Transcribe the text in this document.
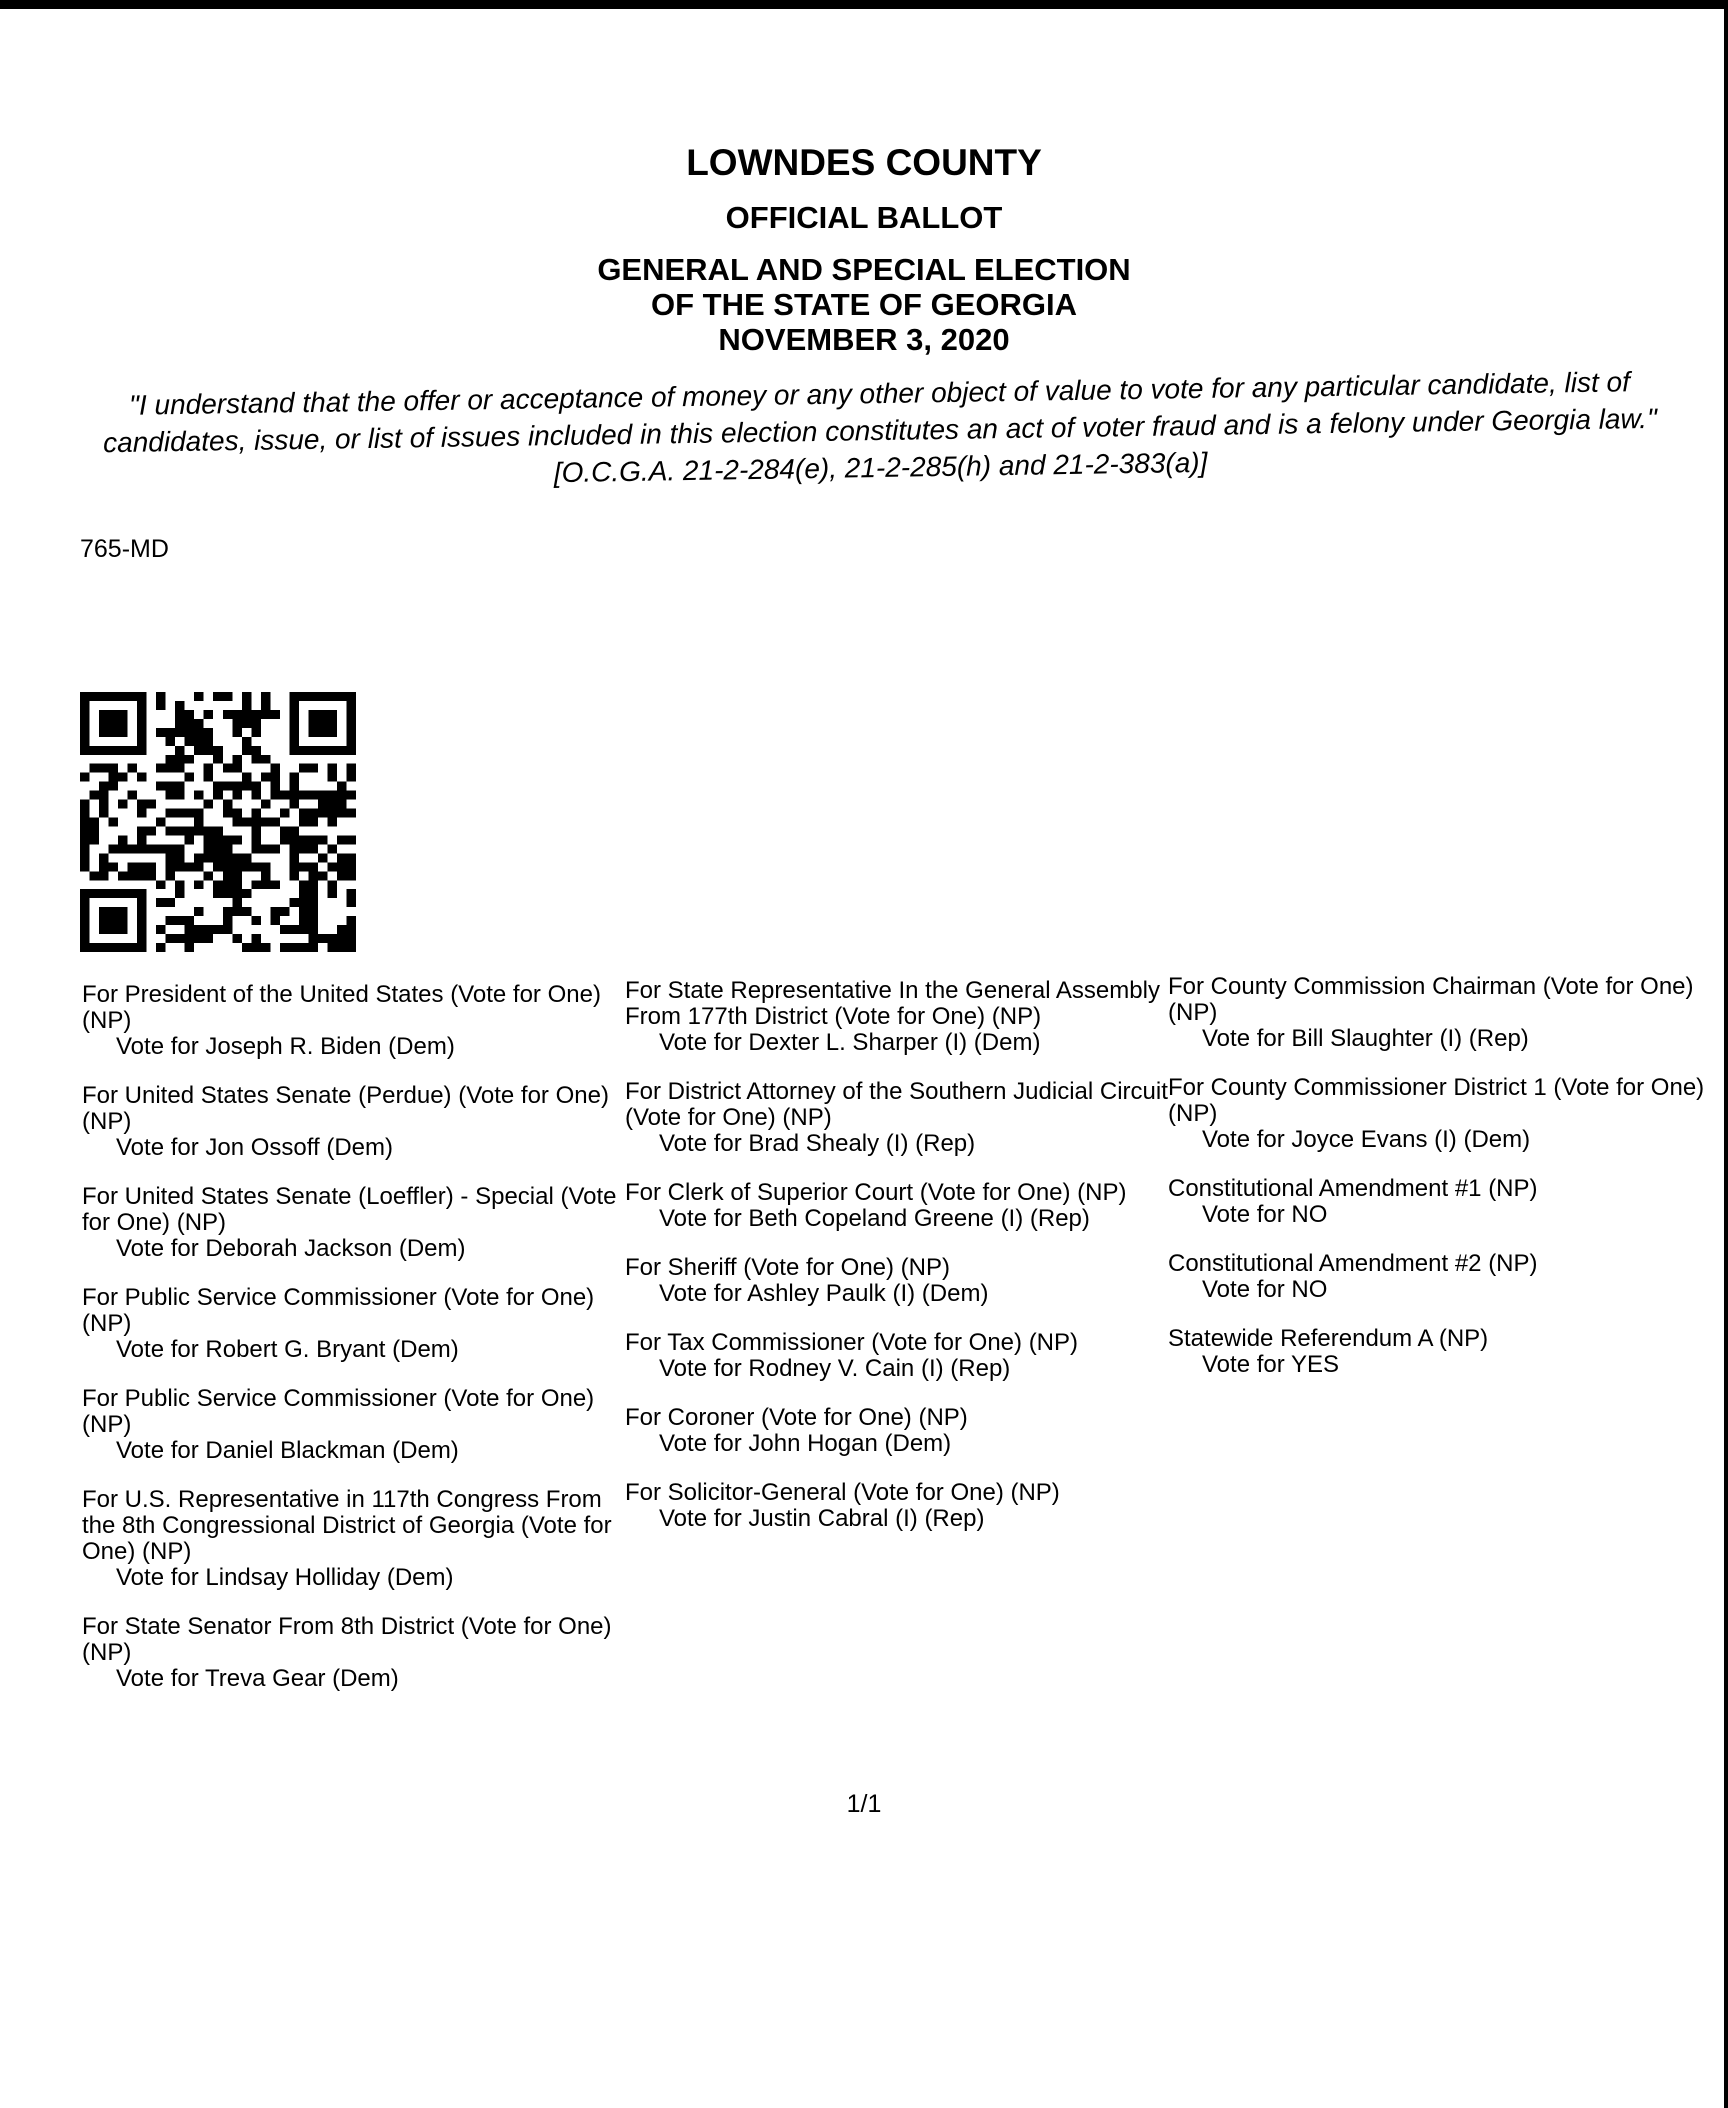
LOWNDES COUNTY
OFFICIAL BALLOT
GENERAL AND SPECIAL ELECTION
OF THE STATE OF GEORGIA
NOVEMBER 3, 2020
"I understand that the offer or acceptance of money or any other object of value to vote for any particular candidate, list of candidates, issue, or list of issues included in this election constitutes an act of voter fraud and is a felony under Georgia law." [O.C.G.A. 21-2-284(e), 21-2-285(h) and 21-2-383(a)]
765-MD
For President of the United States (Vote for One) (NP)
Vote for Joseph R. Biden (Dem)
For United States Senate (Perdue) (Vote for One) (NP)
Vote for Jon Ossoff (Dem)
For United States Senate (Loeffler) - Special (Vote for One) (NP)
Vote for Deborah Jackson (Dem)
For Public Service Commissioner (Vote for One) (NP)
Vote for Robert G. Bryant (Dem)
For Public Service Commissioner (Vote for One) (NP)
Vote for Daniel Blackman (Dem)
For U.S. Representative in 117th Congress From the 8th Congressional District of Georgia (Vote for One) (NP)
Vote for Lindsay Holliday (Dem)
For State Senator From 8th District (Vote for One) (NP)
Vote for Treva Gear (Dem)
For State Representative In the General Assembly From 177th District (Vote for One) (NP)
Vote for Dexter L. Sharper (I) (Dem)
For District Attorney of the Southern Judicial Circuit (Vote for One) (NP)
Vote for Brad Shealy (I) (Rep)
For Clerk of Superior Court (Vote for One) (NP)
Vote for Beth Copeland Greene (I) (Rep)
For Sheriff (Vote for One) (NP)
Vote for Ashley Paulk (I) (Dem)
For Tax Commissioner (Vote for One) (NP)
Vote for Rodney V. Cain (I) (Rep)
For Coroner (Vote for One) (NP)
Vote for John Hogan (Dem)
For Solicitor-General (Vote for One) (NP)
Vote for Justin Cabral (I) (Rep)
For County Commission Chairman (Vote for One) (NP)
Vote for Bill Slaughter (I) (Rep)
For County Commissioner District 1 (Vote for One) (NP)
Vote for Joyce Evans (I) (Dem)
Constitutional Amendment #1 (NP)
Vote for NO
Constitutional Amendment #2 (NP)
Vote for NO
Statewide Referendum A (NP)
Vote for YES
1/1
